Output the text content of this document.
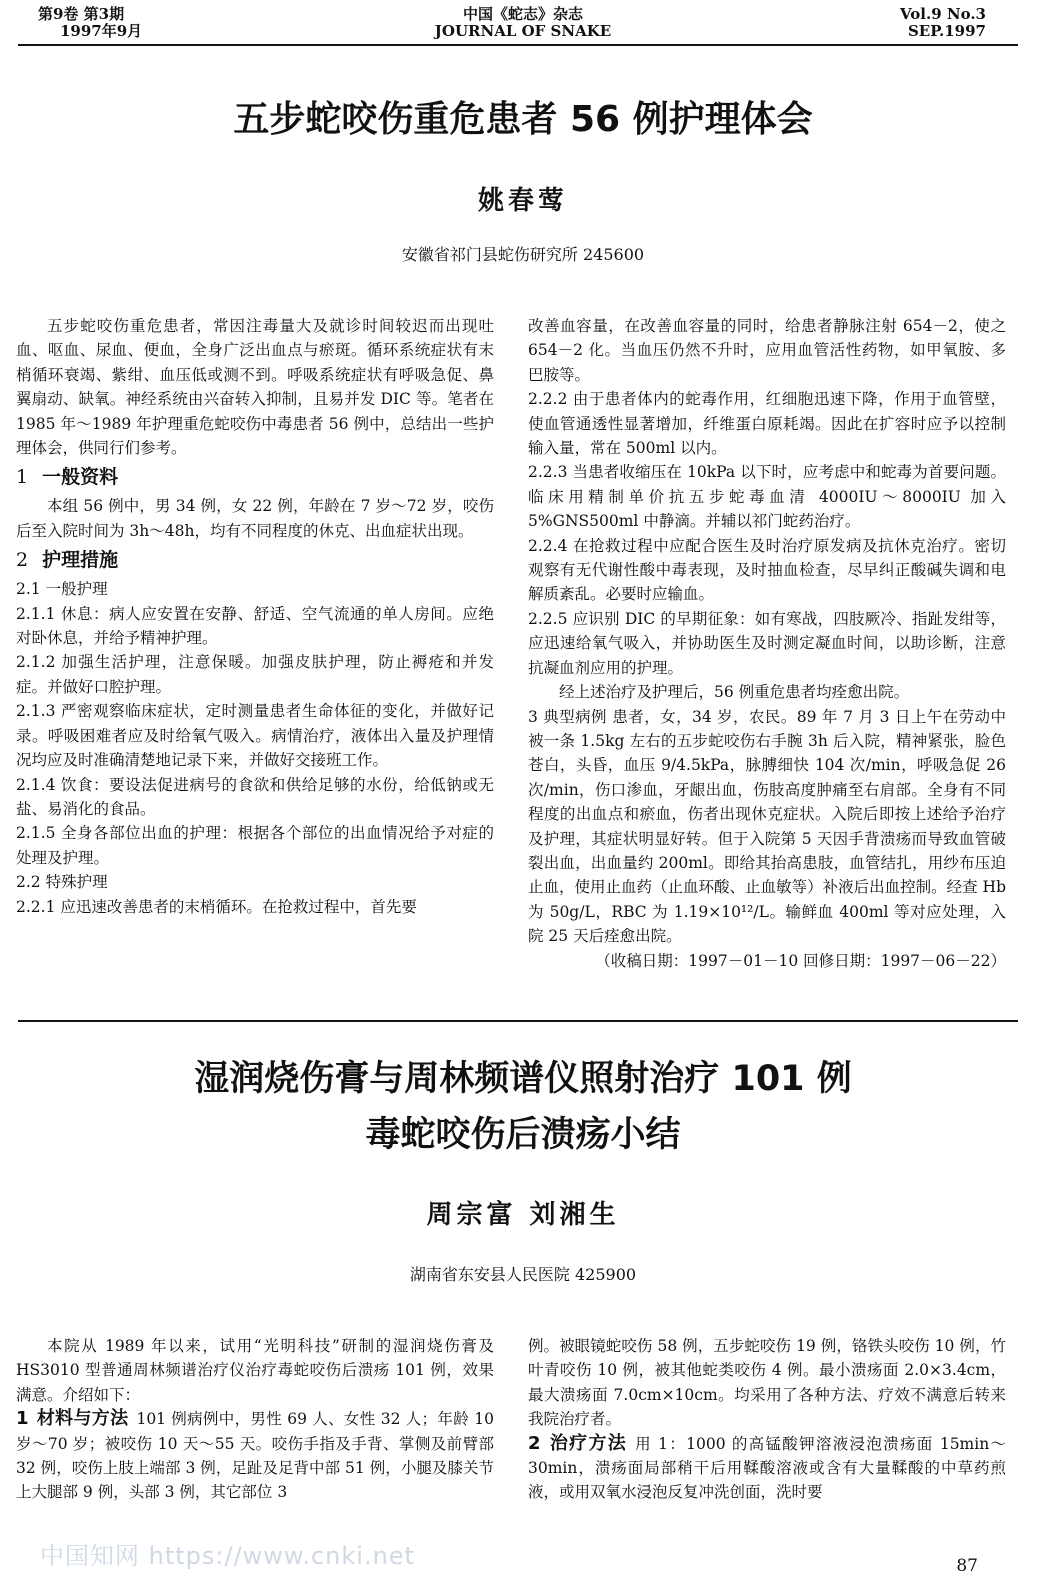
第9卷 第3期
1997年9月
中国《蛇志》杂志
JOURNAL OF SNAKE
Vol.9 No.3
SEP.1997
五步蛇咬伤重危患者 56 例护理体会
姚春莺
安徽省祁门县蛇伤研究所 245600

五步蛇咬伤重危患者，常因注毒量大及就诊时间较迟而出现吐血、呕血、尿血、便血，全身广泛出血点与瘀斑。循环系统症状有末梢循环衰竭、紫绀、血压低或测不到。呼吸系统症状有呼吸急促、鼻翼扇动、缺氧。神经系统由兴奋转入抑制，且易并发 DIC 等。笔者在 1985 年～1989 年护理重危蛇咬伤中毒患者 56 例中，总结出一些护理体会，供同行们参考。

1 一般资料

本组 56 例中，男 34 例，女 22 例，年龄在 7 岁～72 岁，咬伤后至入院时间为 3h～48h，均有不同程度的休克、出血症状出现。

2 护理措施

2.1 一般护理

2.1.1 休息：病人应安置在安静、舒适、空气流通的单人房间。应绝对卧休息，并给予精神护理。

2.1.2 加强生活护理，注意保暖。加强皮肤护理，防止褥疮和并发症。并做好口腔护理。

2.1.3 严密观察临床症状，定时测量患者生命体征的变化，并做好记录。呼吸困难者应及时给氧气吸入。病情治疗，液体出入量及护理情况均应及时准确清楚地记录下来，并做好交接班工作。

2.1.4 饮食：要设法促进病号的食欲和供给足够的水份，给低钠或无盐、易消化的食品。

2.1.5 全身各部位出血的护理：根据各个部位的出血情况给予对症的处理及护理。

2.2 特殊护理

2.2.1 应迅速改善患者的末梢循环。在抢救过程中，首先要

改善血容量，在改善血容量的同时，给患者静脉注射 654－2，使之 654－2 化。当血压仍然不升时，应用血管活性药物，如甲氧胺、多巴胺等。

2.2.2 由于患者体内的蛇毒作用，红细胞迅速下降，作用于血管壁，使血管通透性显著增加，纤维蛋白原耗竭。因此在扩容时应予以控制输入量，常在 500ml 以内。

2.2.3 当患者收缩压在 10kPa 以下时，应考虑中和蛇毒为首要问题。临床用精制单价抗五步蛇毒血清 4000IU～8000IU 加入 5%GNS500ml 中静滴。并辅以祁门蛇药治疗。

2.2.4 在抢救过程中应配合医生及时治疗原发病及抗休克治疗。密切观察有无代谢性酸中毒表现，及时抽血检查，尽早纠正酸碱失调和电解质紊乱。必要时应输血。

2.2.5 应识别 DIC 的早期征象：如有寒战，四肢厥冷、指趾发绀等，应迅速给氧气吸入，并协助医生及时测定凝血时间，以助诊断，注意抗凝血剂应用的护理。

经上述治疗及护理后，56 例重危患者均痊愈出院。

3 典型病例 患者，女，34 岁，农民。89 年 7 月 3 日上午在劳动中被一条 1.5kg 左右的五步蛇咬伤右手腕 3h 后入院，精神紧张，脸色苍白，头昏，血压 9/4.5kPa，脉膊细快 104 次/min，呼吸急促 26 次/min，伤口渗血，牙龈出血，伤肢高度肿痛至右肩部。全身有不同程度的出血点和瘀血，伤者出现休克症状。入院后即按上述给予治疗及护理，其症状明显好转。但于入院第 5 天因手背溃疡而导致血管破裂出血，出血量约 200ml。即给其抬高患肢，血管结扎，用纱布压迫止血，使用止血药（止血环酸、止血敏等）补液后出血控制。经查 Hb 为 50g/L，RBC 为 1.19×10¹²/L。输鲜血 400ml 等对应处理，入院 25 天后痊愈出院。

（收稿日期：1997－01－10 回修日期：1997－06－22）

湿润烧伤膏与周林频谱仪照射治疗 101 例
毒蛇咬伤后溃疡小结
周宗富 刘湘生
湖南省东安县人民医院 425900

本院从 1989 年以来，试用“光明科技”研制的湿润烧伤膏及 HS3010 型普通周林频谱治疗仪治疗毒蛇咬伤后溃疡 101 例，效果满意。介绍如下：

1 材料与方法 101 例病例中，男性 69 人、女性 32 人；年龄 10 岁～70 岁；被咬伤 10 天～55 天。咬伤手指及手背、掌侧及前臂部 32 例，咬伤上肢上端部 3 例，足趾及足背中部 51 例，小腿及膝关节上大腿部 9 例，头部 3 例，其它部位 3

例。被眼镜蛇咬伤 58 例，五步蛇咬伤 19 例，铬铁头咬伤 10 例，竹叶青咬伤 10 例，被其他蛇类咬伤 4 例。最小溃疡面 2.0×3.4cm，最大溃疡面 7.0cm×10cm。均采用了各种方法、疗效不满意后转来我院治疗者。

2 治疗方法 用 1：1000 的高锰酸钾溶液浸泡溃疡面 15min～30min，溃疡面局部稍干后用鞣酸溶液或含有大量鞣酸的中草药煎液，或用双氧水浸泡反复冲洗创面，洗时要

中国知网 https://www.cnki.net	87
